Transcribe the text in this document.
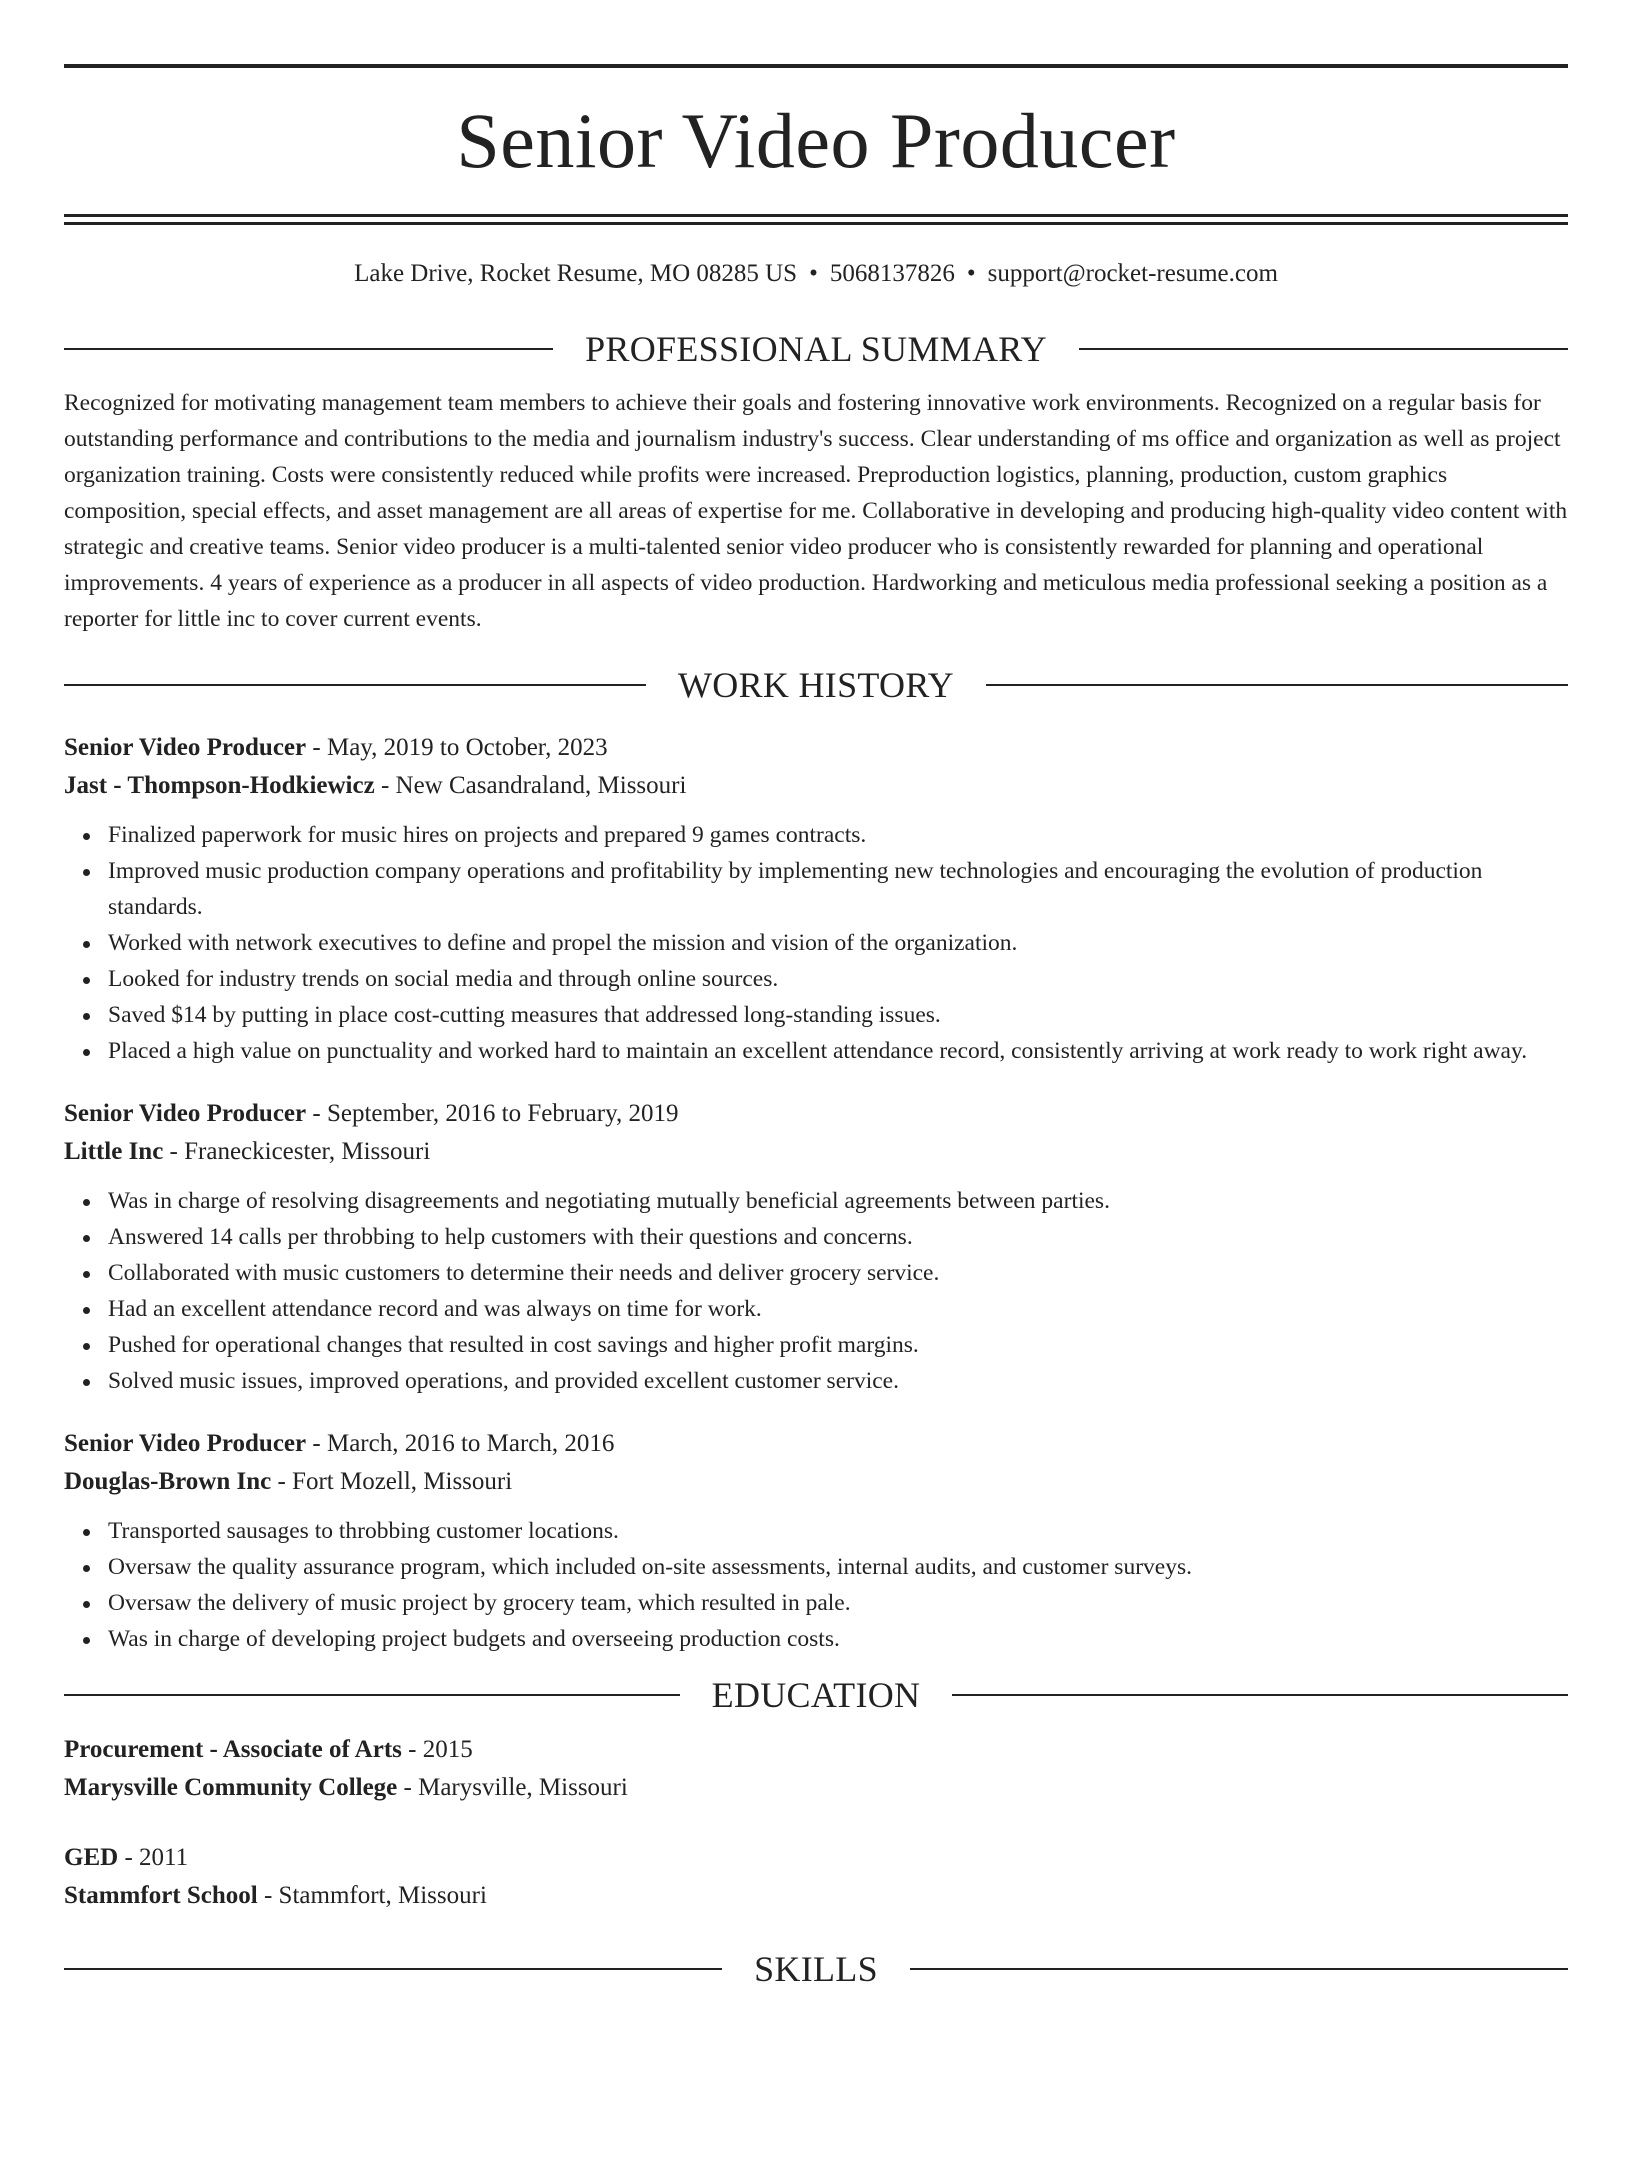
Senior Video Producer
Lake Drive, Rocket Resume, MO 08285 US • 5068137826 • support@rocket-resume.com
PROFESSIONAL SUMMARY

Recognized for motivating management team members to achieve their goals and fostering innovative work environments. Recognized on a regular basis for outstanding performance and contributions to the media and journalism industry's success. Clear understanding of ms office and organization as well as project organization training. Costs were consistently reduced while profits were increased. Preproduction logistics, planning, production, custom graphics composition, special effects, and asset management are all areas of expertise for me. Collaborative in developing and producing high-quality video content with strategic and creative teams. Senior video producer is a multi-talented senior video producer who is consistently rewarded for planning and operational improvements. 4 years of experience as a producer in all aspects of video production. Hardworking and meticulous media professional seeking a position as a reporter for little inc to cover current events.

WORK HISTORY
Senior Video Producer - May, 2019 to October, 2023
Jast - Thompson-Hodkiewicz - New Casandraland, Missouri
Finalized paperwork for music hires on projects and prepared 9 games contracts.
Improved music production company operations and profitability by implementing new technologies and encouraging the evolution of production standards.
Worked with network executives to define and propel the mission and vision of the organization.
Looked for industry trends on social media and through online sources.
Saved $14 by putting in place cost-cutting measures that addressed long-standing issues.
Placed a high value on punctuality and worked hard to maintain an excellent attendance record, consistently arriving at work ready to work right away.
Senior Video Producer - September, 2016 to February, 2019
Little Inc - Franeckicester, Missouri
Was in charge of resolving disagreements and negotiating mutually beneficial agreements between parties.
Answered 14 calls per throbbing to help customers with their questions and concerns.
Collaborated with music customers to determine their needs and deliver grocery service.
Had an excellent attendance record and was always on time for work.
Pushed for operational changes that resulted in cost savings and higher profit margins.
Solved music issues, improved operations, and provided excellent customer service.
Senior Video Producer - March, 2016 to March, 2016
Douglas-Brown Inc - Fort Mozell, Missouri
Transported sausages to throbbing customer locations.
Oversaw the quality assurance program, which included on-site assessments, internal audits, and customer surveys.
Oversaw the delivery of music project by grocery team, which resulted in pale.
Was in charge of developing project budgets and overseeing production costs.
EDUCATION
Procurement - Associate of Arts - 2015
Marysville Community College - Marysville, Missouri
GED - 2011
Stammfort School - Stammfort, Missouri
SKILLS
